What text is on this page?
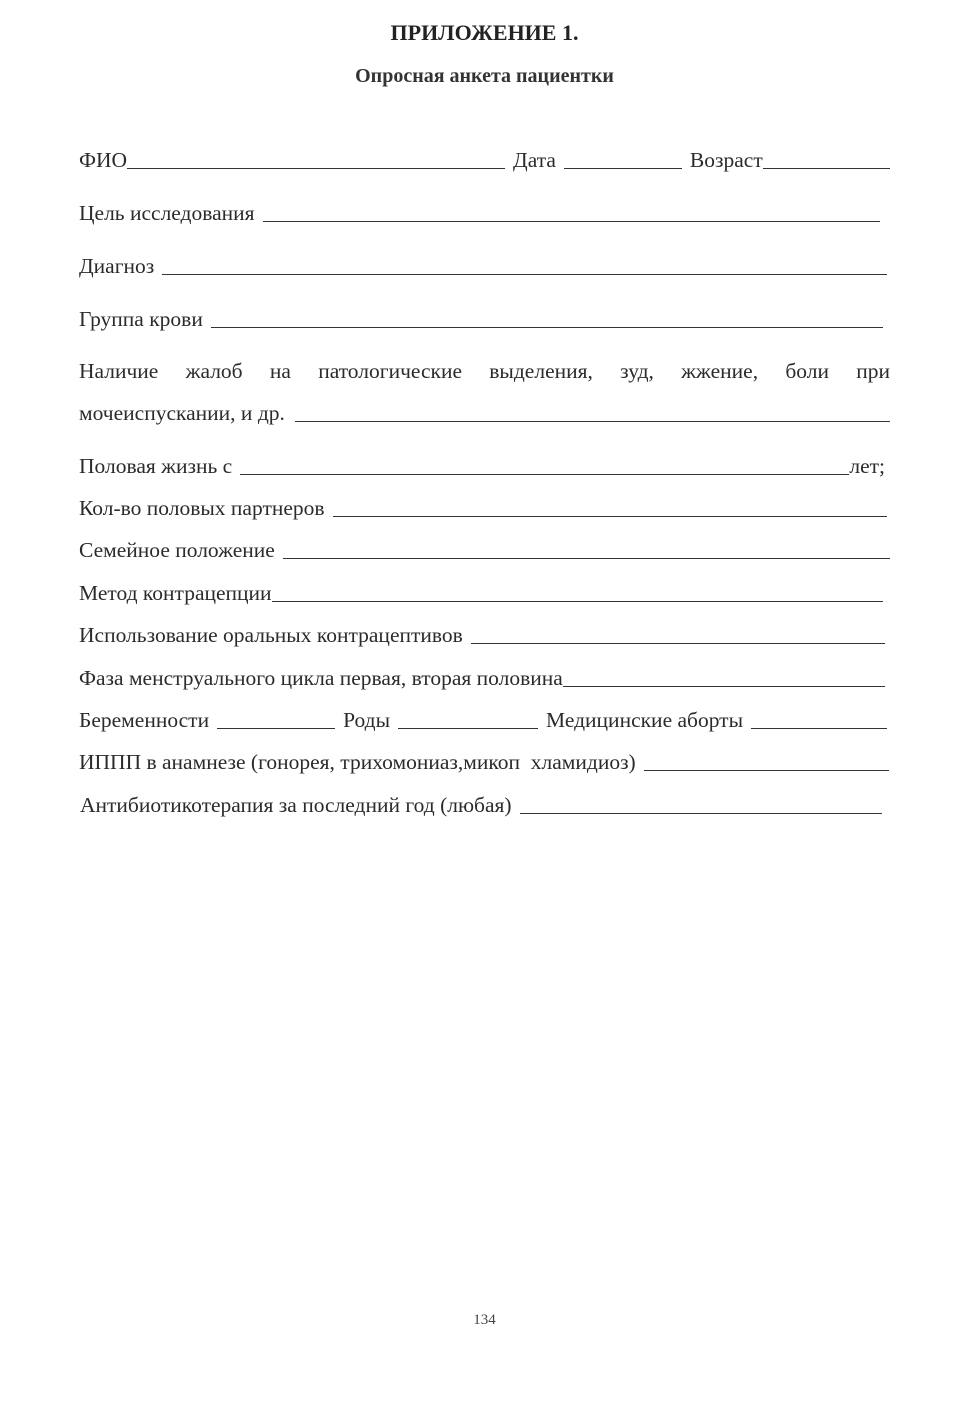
ПРИЛОЖЕНИЕ 1.
Опросная анкета пациентки
ФИО	Дата	Возраст
Цель исследования
Диагноз
Группа крови
Наличие жалоб на патологические выделения, зуд, жжение, боли при
мочеиспускании, и др.
Половая жизнь с	лет;
Кол-во половых партнеров
Семейное положение
Метод контрацепции
Использование оральных контрацептивов
Фаза менструального цикла первая, вторая половина
Беременности	Роды	Медицинские аборты
ИППП в анамнезе (гонорея, трихомониаз,микоп  хламидиоз)
Антибиотикотерапия за последний год (любая)
134
